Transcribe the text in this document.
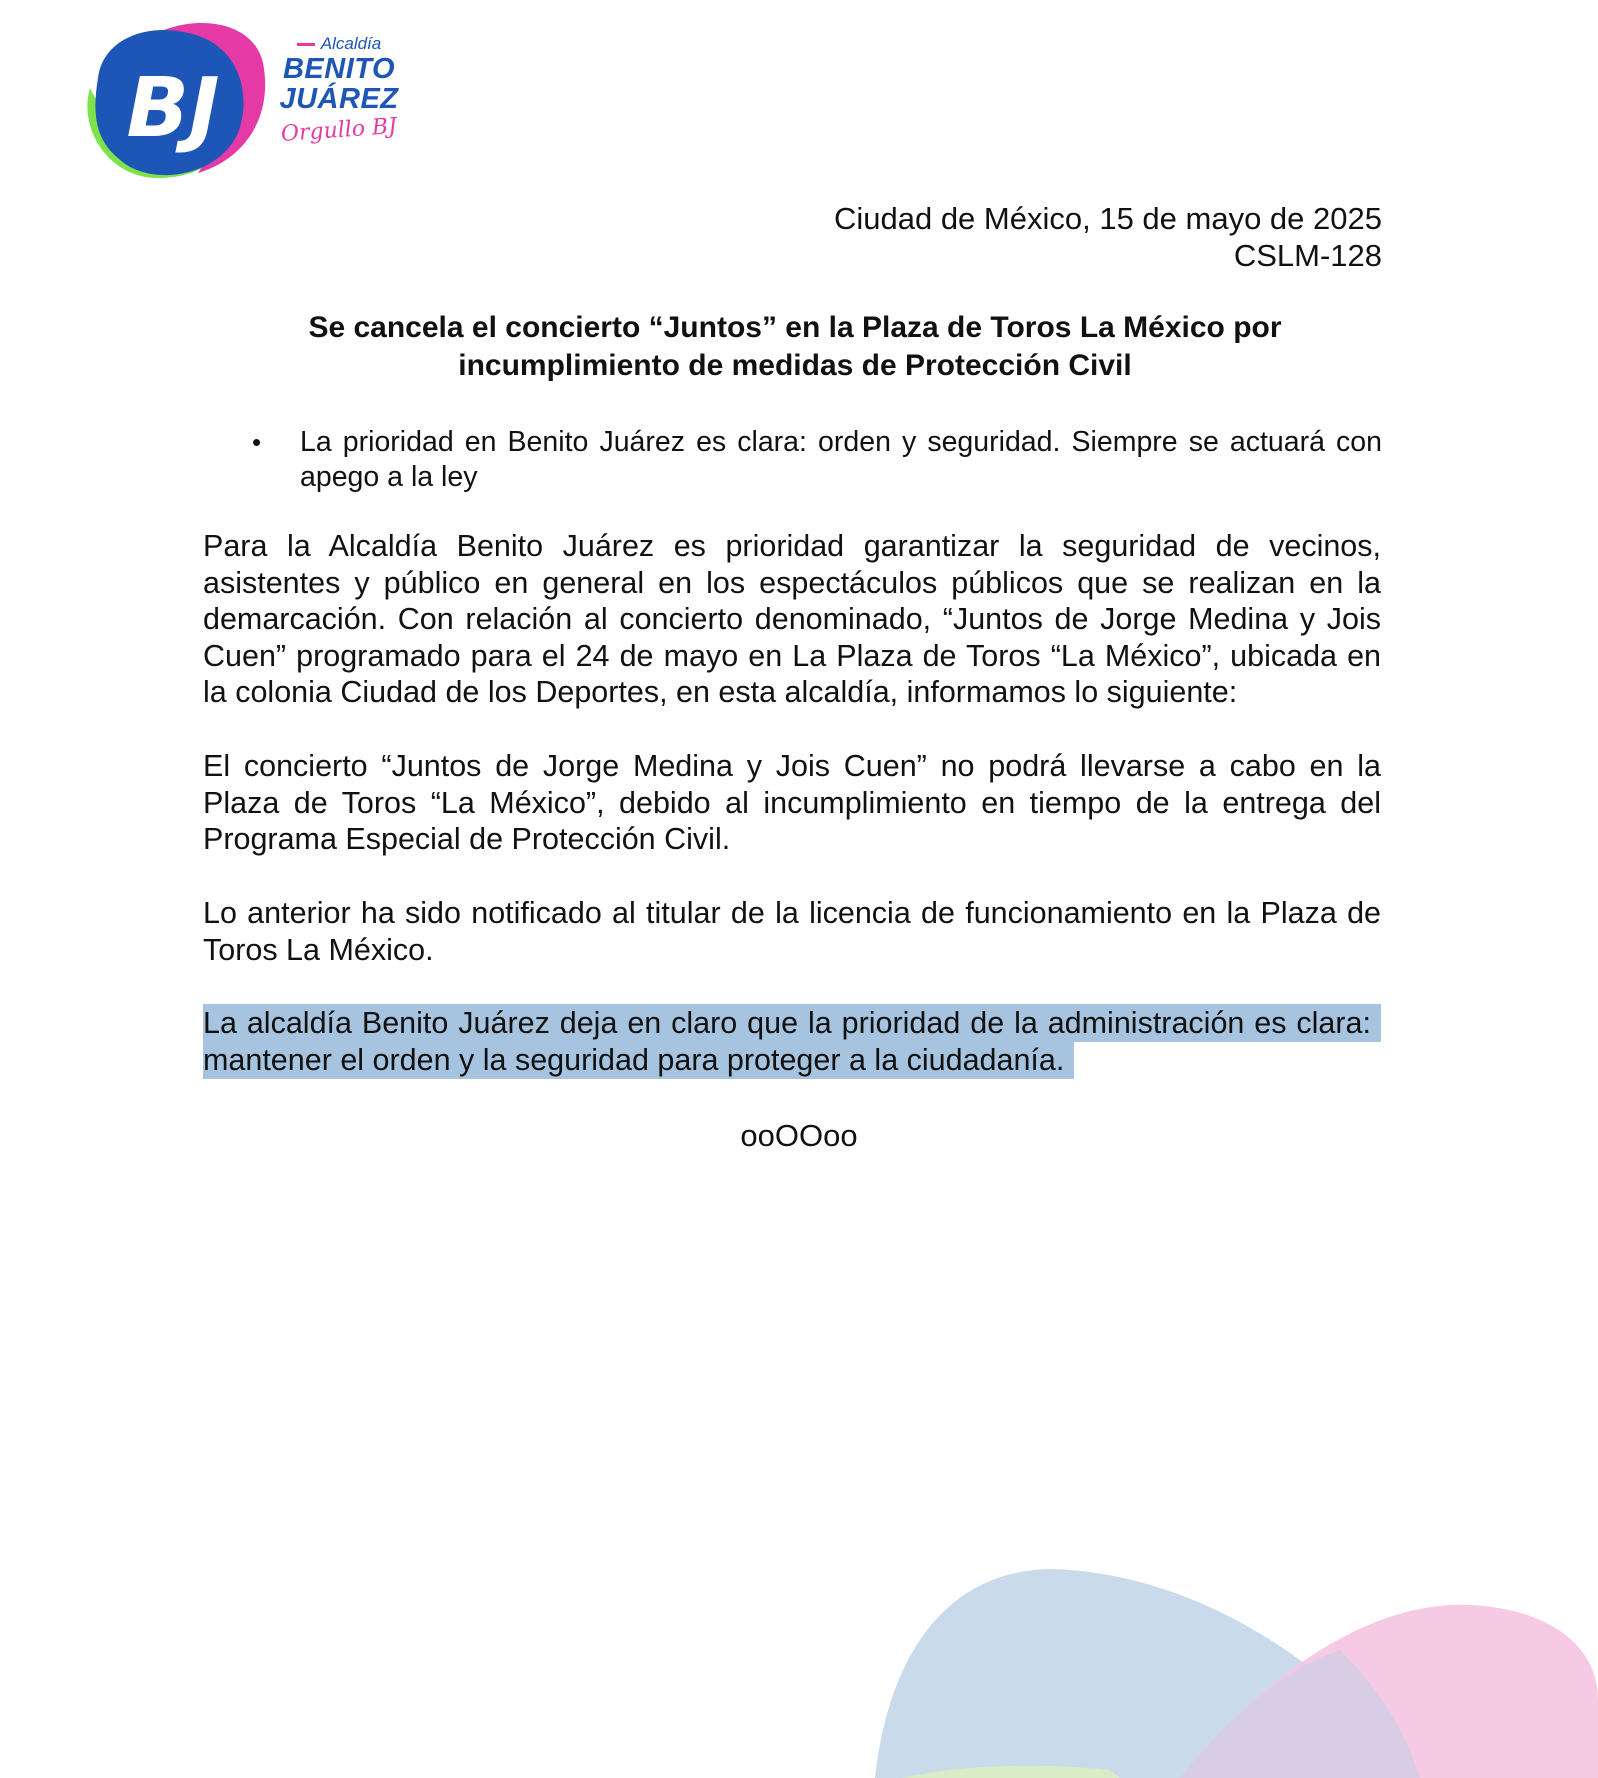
BJ
Alcaldía
BENITO
JUÁREZ
Orgullo BJ
Ciudad de México, 15 de mayo de 2025
CSLM-128
Se cancela el concierto “Juntos” en la Plaza de Toros La México por
incumplimiento de medidas de Protección Civil
• La prioridad en Benito Juárez es clara: orden y seguridad. Siempre se actuará con apego a la ley
Para la Alcaldía Benito Juárez es prioridad garantizar la seguridad de vecinos, asistentes y público en general en los espectáculos públicos que se realizan en la demarcación. Con relación al concierto denominado, “Juntos de Jorge Medina y Jois Cuen” programado para el 24 de mayo en La Plaza de Toros “La México”, ubicada en la colonia Ciudad de los Deportes, en esta alcaldía, informamos lo siguiente:
El concierto “Juntos de Jorge Medina y Jois Cuen” no podrá llevarse a cabo en la Plaza de Toros “La México”, debido al incumplimiento en tiempo de la entrega del Programa Especial de Protección Civil.
Lo anterior ha sido notificado al titular de la licencia de funcionamiento en la Plaza de Toros La México.
La alcaldía Benito Juárez deja en claro que la prioridad de la administración es clara: mantener el orden y la seguridad para proteger a la ciudadanía.
ooOOoo
